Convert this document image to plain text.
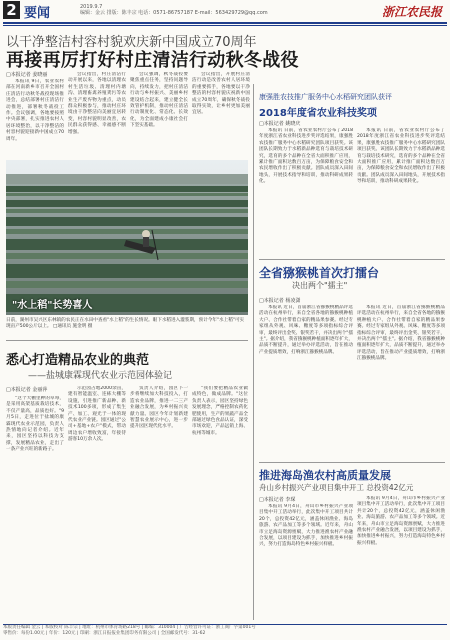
2 要闻	2019.9.7
编辑：金云 排版：陈丰宗 电话：0571-86757187 E-mail：563429729@qq.com	浙江农民报
以干净整洁村容村貌欢庆新中国成立70周年
再接再厉打好村庄清洁行动秋冬战役
□本报记者 姜晓丽

本报讯 9日，农业农村部在河南新乡市召开全国村庄清洁行动秋冬战役现场推进会，总结部署村庄清洁行动推进，部署秋冬战役工作。会议强调，各地要按照中央部署，扎实推进农村人居环境整治，以干净整洁的村容村貌迎接新中国成立70周年。

会议指出，村庄清洁行动开展以来，各地以清理农村生活垃圾、清理村内塘沟、清理畜禽养殖粪污等农业生产废弃物为重点，动员群众积极参与，推动村庄环境由干净整洁向美丽宜居转变，村容村貌明显改善，农民群众获得感、幸福感不断增强。

会议强调，秋冬战役要聚焦重点任务，坚持问题导向，持续发力，把村庄清洁行动与乡村振兴、美丽乡村建设结合起来，建立健全长效管护机制，推动村庄清洁行动制度化、常态化、长效化，为全面建成小康社会打下坚实基础。

会议指出，开展村庄清洁行动是改善农村人居环境的重要抓手，各地要以干净整洁的村容村貌庆祝新中国成立70周年，确保秋冬战役取得实效，让乡村更加美丽宜居。

"水上稻"长势喜人
日前，湖州市吴兴区东林镇的农民正在水田中查看"水上稻"的生长情况。眼下水稻进入灌浆期，预计今年"水上稻"可实现亩产500公斤以上。 □通讯员 施金明 摄
悉心打造精品农业的典范
——盐城康霖现代农业示范园体验记
□本报记者 金丽萍

"这个大棚里种的草莓，是采用高架基质栽培技术，不仅产量高，品质也好。"9月5日，走进位于盐城的康霖现代农业示范园，负责人热情地向记者介绍。近年来，园区坚持以科技为支撑，发展精品农业，走出了一条产业兴旺的新路子。

示范园占地2000余亩，建有智能温室、连栋大棚等设施，引进推广新品种、新技术100多项，形成了集生产、加工、观光于一体的现代农业产业链。园区通过"公司+基地+农户"模式，带动周边农户增收致富，年接待游客10万余人次。

负责人介绍，园区下一步将继续加大科技投入，打造农业品牌，推进一二三产业融合发展，为乡村振兴贡献力量。园区今年计划新建智慧农业展示中心，进一步提升园区现代化水平。

"我们要把精品农业做成特色，做成品牌。"这位负责人表示，园区坚持绿色发展理念，严格控制农药化肥使用，生产的果蔬产品全部通过绿色食品认证，深受市场欢迎，产品远销上海、杭州等城市。

康强胜农技推广服务中心水稻研究团队获评
2018年度省农业科技奖项
□本报记者 姚晓庆

本报讯 日前，省农业农村厅公布了2018年度浙江省农业科技进步奖评选结果，康强胜农技推广服务中心水稻研究团队项目获奖。该团队长期致力于水稻新品种选育与栽培技术研究，选育的多个品种在全省大面积推广应用，累计推广面积达数百万亩，为保障粮食安全和农民增收作出了积极贡献。团队成员深入田间地头，开展技术指导和培训，推动科研成果转化。

本报讯 日前，省农业农村厅公布了2018年度浙江省农业科技进步奖评选结果，康强胜农技推广服务中心水稻研究团队项目获奖。该团队长期致力于水稻新品种选育与栽培技术研究，选育的多个品种在全省大面积推广应用，累计推广面积达数百万亩，为保障粮食安全和农民增收作出了积极贡献。团队成员深入田间地头，开展技术指导和培训，推动科研成果转化。

全省猕猴桃首次打擂台
决出两个"擂主"
□本报记者 杨凌潇

本报讯 近日，首届浙江省猕猴桃精品评选活动在杭州举行，来自全省各地的猕猴桃种植大户、合作社带着自家的精品果参赛。经过专家组从外观、风味、糖度等多项指标综合评审，最终评出金奖、银奖若干，并决出两个"擂主"。据介绍，我省猕猴桃种植面积逐年扩大，品质不断提升，通过举办评选活动，旨在推动产业提质增效，打响浙江猕猴桃品牌。

本报讯 近日，首届浙江省猕猴桃精品评选活动在杭州举行，来自全省各地的猕猴桃种植大户、合作社带着自家的精品果参赛。经过专家组从外观、风味、糖度等多项指标综合评审，最终评出金奖、银奖若干，并决出两个"擂主"。据介绍，我省猕猴桃种植面积逐年扩大，品质不断提升，通过举办评选活动，旨在推动产业提质增效，打响浙江猕猴桃品牌。

推进海岛渔农村高质量发展
舟山乡村振兴产业项目集中开工 总投资42亿元
□本报记者 李琛

本报讯 9月4日，舟山市乡村振兴产业项目集中开工活动举行，此次集中开工项目共计20个，总投资42亿元，涵盖休闲渔业、海岛旅游、农产品加工等多个领域。近年来，舟山市立足海岛资源禀赋，大力推进渔农村产业融合发展，以项目建设为抓手，加快推进乡村振兴，努力打造海岛特色乡村振兴样板。

本报讯 9月4日，舟山市乡村振兴产业项目集中开工活动举行，此次集中开工项目共计20个，总投资42亿元，涵盖休闲渔业、海岛旅游、农产品加工等多个领域。近年来，舟山市立足海岛资源禀赋，大力推进渔农村产业融合发展，以项目建设为抓手，加快推进乡村振兴，努力打造海岛特色乡村振兴样板。

本版责任编辑 金云 | 本版校对 陈丰宗 | 地址：杭州市体育场路218号 | 邮编：310004 | 广告经营许可证：浙工商广字第001号
零售价：每份1.00元 | 年价：120元 | 印刷：浙江日报报业集团印务有限公司 | 全国邮发代号：31-62
